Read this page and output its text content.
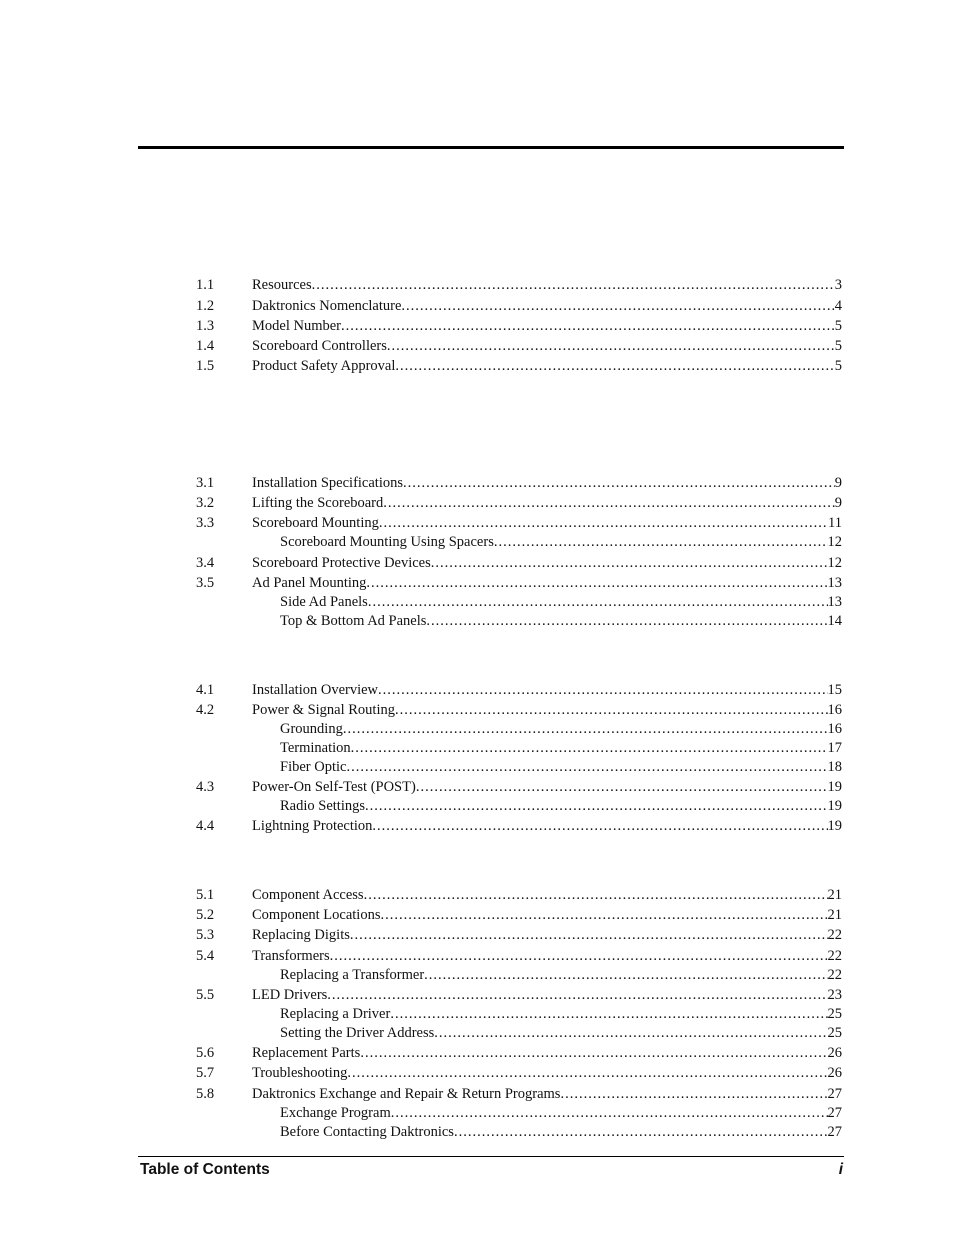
1.1	Resources .....	3
1.2	Daktronics Nomenclature .....	4
1.3	Model Number .....	5
1.4	Scoreboard Controllers .....	5
1.5	Product Safety Approval .....	5
3.1	Installation Specifications .....	9
3.2	Lifting the Scoreboard .....	9
3.3	Scoreboard Mounting .....	11
Scoreboard Mounting Using Spacers .....	12
3.4	Scoreboard Protective Devices .....	12
3.5	Ad Panel Mounting .....	13
Side Ad Panels .....	13
Top & Bottom Ad Panels .....	14
4.1	Installation Overview .....	15
4.2	Power & Signal Routing .....	16
Grounding .....	16
Termination .....	17
Fiber Optic .....	18
4.3	Power-On Self-Test (POST) .....	19
Radio Settings .....	19
4.4	Lightning Protection .....	19
5.1	Component Access .....	21
5.2	Component Locations .....	21
5.3	Replacing Digits .....	22
5.4	Transformers .....	22
Replacing a Transformer .....	22
5.5	LED Drivers .....	23
Replacing a Driver .....	25
Setting the Driver Address .....	25
5.6	Replacement Parts .....	26
5.7	Troubleshooting .....	26
5.8	Daktronics Exchange and Repair & Return Programs .....	27
Exchange Program .....	27
Before Contacting Daktronics .....	27
Table of Contents	i
